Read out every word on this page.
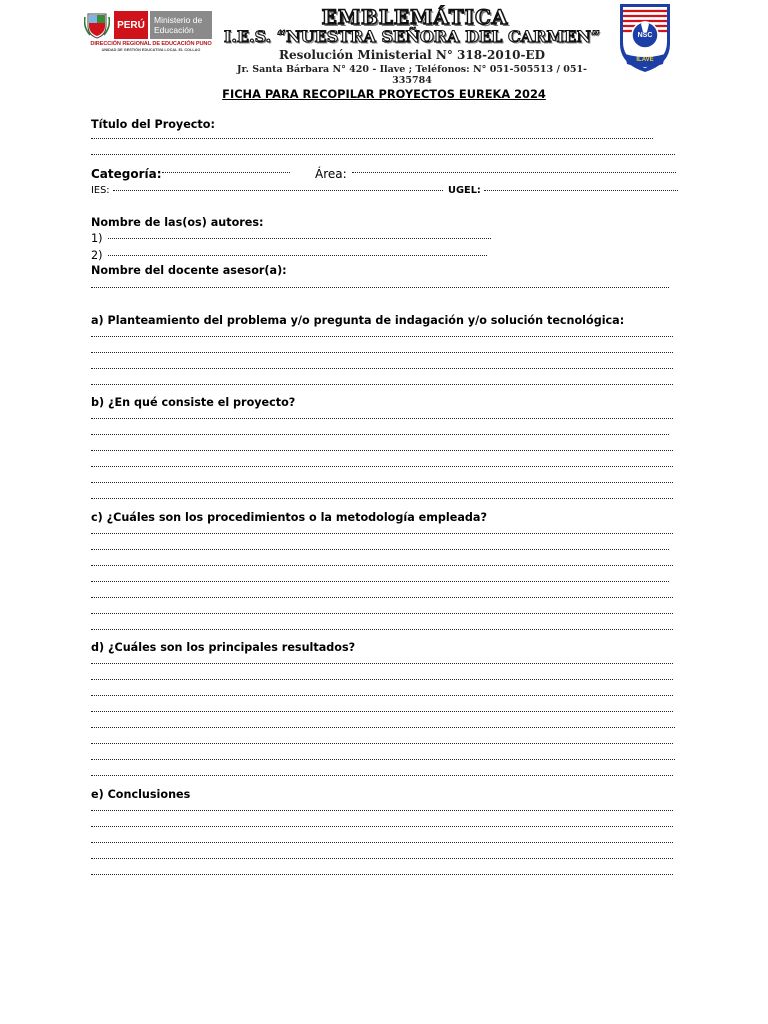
PERÚ	Ministerio de Educación
DIRECCIÓN REGIONAL DE EDUCACIÓN PUNO
UNIDAD DE GESTIÓN EDUCATIVA LOCAL EL COLLAO
EMBLEMÁTICA
I.E.S. “NUESTRA SEÑORA DEL CARMEN”
Resolución Ministerial N° 318-2010-ED
Jr. Santa Bárbara N° 420 - Ilave ; Teléfonos: N° 051-505513 / 051-335784
NSC
ILAVE
FICHA PARA RECOPILAR PROYECTOS EUREKA 2024
Título del Proyecto:
Categoría:	Área:
IES:	UGEL:
Nombre de las(os) autores:
1)
2)
Nombre del docente asesor(a):
a) Planteamiento del problema y/o pregunta de indagación y/o solución tecnológica:
b) ¿En qué consiste el proyecto?
c) ¿Cuáles son los procedimientos o la metodología empleada?
d) ¿Cuáles son los principales resultados?
e) Conclusiones
